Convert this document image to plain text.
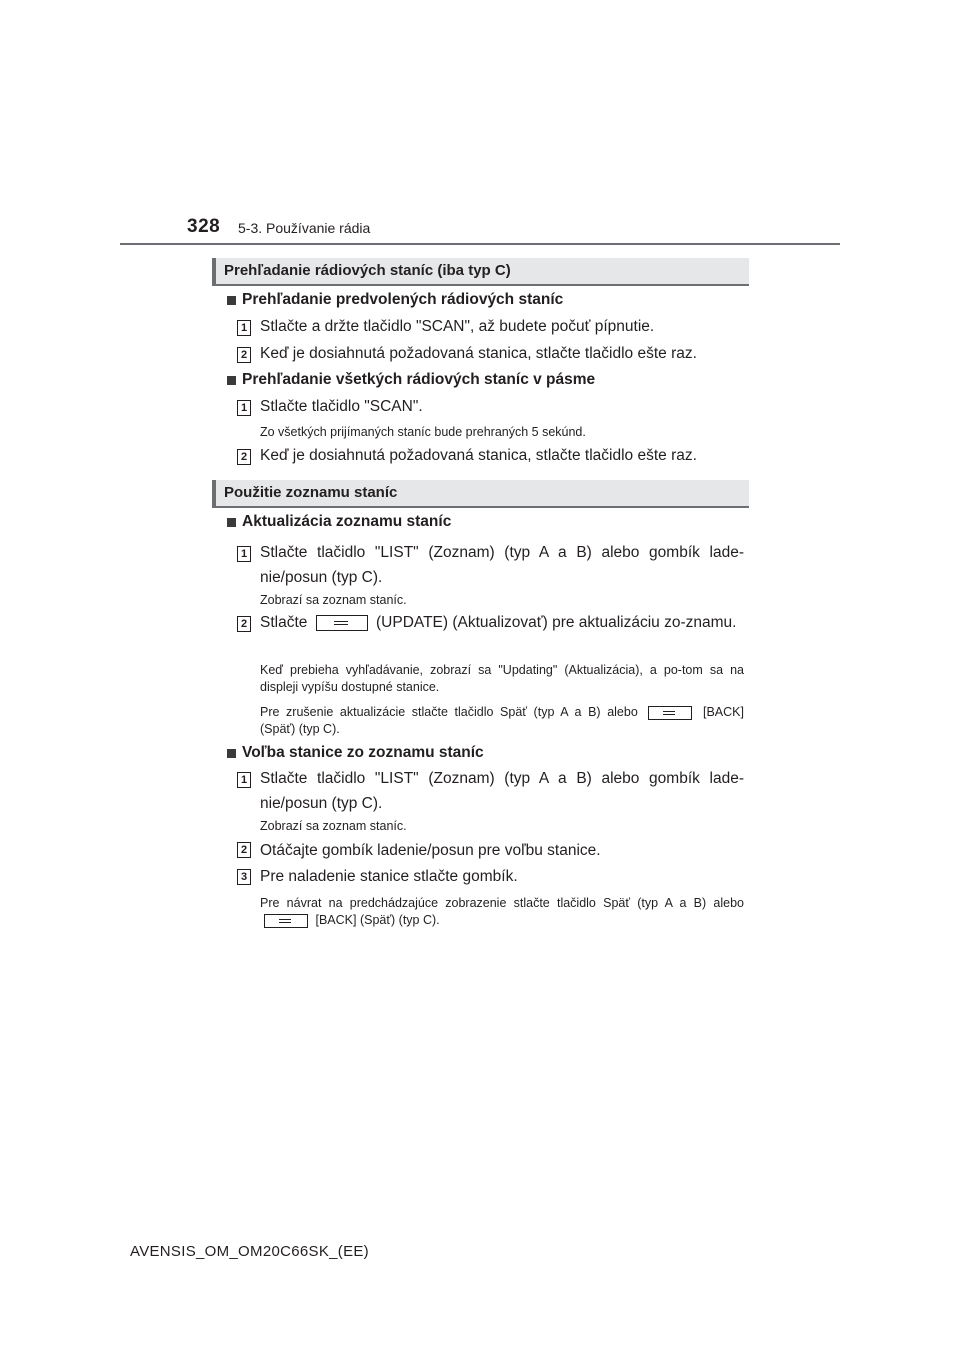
328 5-3. Používanie rádia
Prehľadanie rádiových staníc (iba typ C)
Prehľadanie predvolených rádiových staníc
1 Stlačte a držte tlačidlo "SCAN", až budete počuť pípnutie.
2 Keď je dosiahnutá požadovaná stanica, stlačte tlačidlo ešte raz.
Prehľadanie všetkých rádiových staníc v pásme
1 Stlačte tlačidlo "SCAN".
Zo všetkých prijímaných staníc bude prehraných 5 sekúnd.
2 Keď je dosiahnutá požadovaná stanica, stlačte tlačidlo ešte raz.
Použitie zoznamu staníc
Aktualizácia zoznamu staníc
1 Stlačte tlačidlo "LIST" (Zoznam) (typ A a B) alebo gombík lade-nie/posun (typ C).
Zobrazí sa zoznam staníc.
2 Stlačte	(UPDATE) (Aktualizovať) pre aktualizáciu zo-znamu.
Keď prebieha vyhľadávanie, zobrazí sa "Updating" (Aktualizácia), a po-tom sa na displeji vypíšu dostupné stanice.
Pre zrušenie aktualizácie stlačte tlačidlo Späť (typ A a B) alebo	[BACK] (Späť) (typ C).
Voľba stanice zo zoznamu staníc
1 Stlačte tlačidlo "LIST" (Zoznam) (typ A a B) alebo gombík lade-nie/posun (typ C).
Zobrazí sa zoznam staníc.
2 Otáčajte gombík ladenie/posun pre voľbu stanice.
3 Pre naladenie stanice stlačte gombík.
Pre návrat na predchádzajúce zobrazenie stlačte tlačidlo Späť (typ A a B) alebo  [BACK] (Späť) (typ C).
AVENSIS_OM_OM20C66SK_(EE)
